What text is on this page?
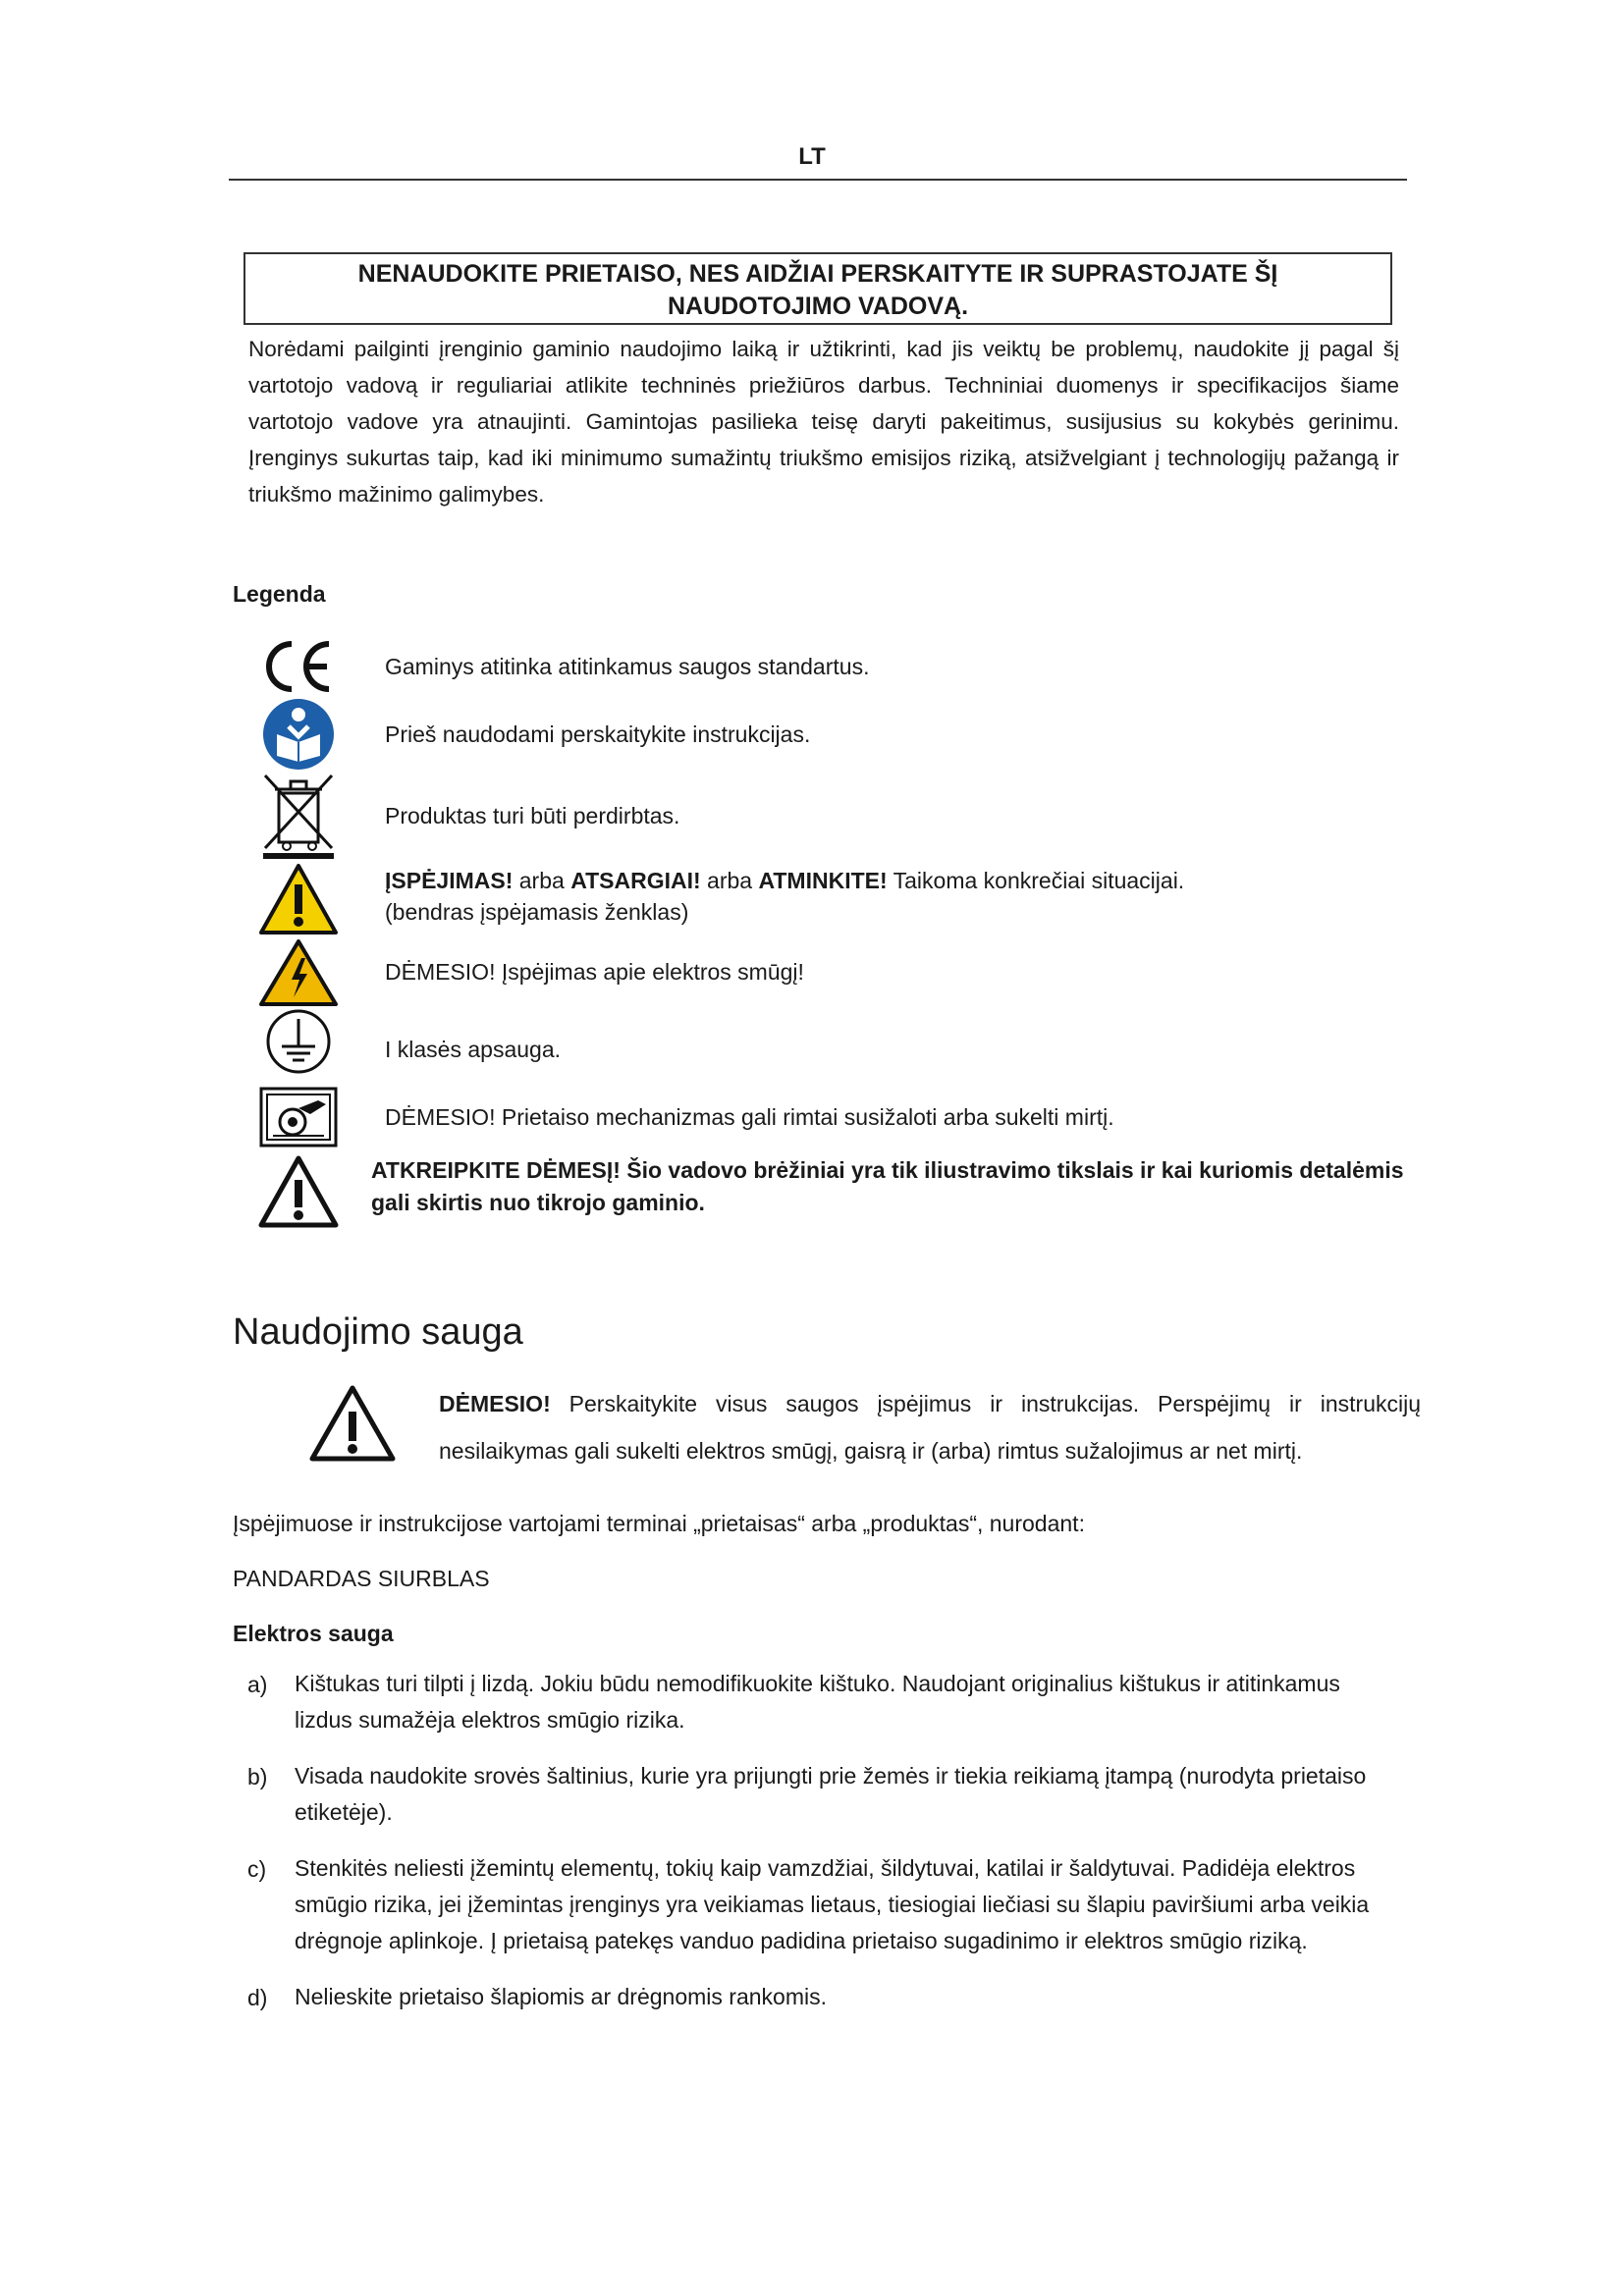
LT
NENAUDOKITE PRIETAISO, NES AIDŽIAI PERSKAITYTE IR SUPRASTOJATE ŠĮ
NAUDOTOJIMO VADOVĄ.
Norėdami pailginti įrenginio gaminio naudojimo laiką ir užtikrinti, kad jis veiktų be problemų, naudokite jį pagal šį vartotojo vadovą ir reguliariai atlikite techninės priežiūros darbus. Techniniai duomenys ir specifikacijos šiame vartotojo vadove yra atnaujinti. Gamintojas pasilieka teisę daryti pakeitimus, susijusius su kokybės gerinimu. Įrenginys sukurtas taip, kad iki minimumo sumažintų triukšmo emisijos riziką, atsižvelgiant į technologijų pažangą ir triukšmo mažinimo galimybes.
Legenda
Gaminys atitinka atitinkamus saugos standartus.
Prieš naudodami perskaitykite instrukcijas.
Produktas turi būti perdirbtas.
ĮSPĖJIMAS! arba ATSARGIAI! arba ATMINKITE! Taikoma konkrečiai situacijai.
(bendras įspėjamasis ženklas)
DĖMESIO! Įspėjimas apie elektros smūgį!
I klasės apsauga.
DĖMESIO! Prietaiso mechanizmas gali rimtai susižaloti arba sukelti mirtį.
ATKREIPKITE DĖMESĮ! Šio vadovo brėžiniai yra tik iliustravimo tikslais ir kai kuriomis detalėmis gali skirtis nuo tikrojo gaminio.
Naudojimo sauga
DĖMESIO! Perskaitykite visus saugos įspėjimus ir instrukcijas. Perspėjimų ir instrukcijų nesilaikymas gali sukelti elektros smūgį, gaisrą ir (arba) rimtus sužalojimus ar net mirtį.
Įspėjimuose ir instrukcijose vartojami terminai „prietaisas“ arba „produktas“, nurodant:
PANDARDAS SIURBLAS
Elektros sauga
a) Kištukas turi tilpti į lizdą. Jokiu būdu nemodifikuokite kištuko. Naudojant originalius kištukus ir atitinkamus lizdus sumažėja elektros smūgio rizika.
b) Visada naudokite srovės šaltinius, kurie yra prijungti prie žemės ir tiekia reikiamą įtampą (nurodyta prietaiso etiketėje).
c) Stenkitės neliesti įžemintų elementų, tokių kaip vamzdžiai, šildytuvai, katilai ir šaldytuvai. Padidėja elektros smūgio rizika, jei įžemintas įrenginys yra veikiamas lietaus, tiesiogiai liečiasi su šlapiu paviršiumi arba veikia drėgnoje aplinkoje. Į prietaisą patekęs vanduo padidina prietaiso sugadinimo ir elektros smūgio riziką.
d) Nelieskite prietaiso šlapiomis ar drėgnomis rankomis.
